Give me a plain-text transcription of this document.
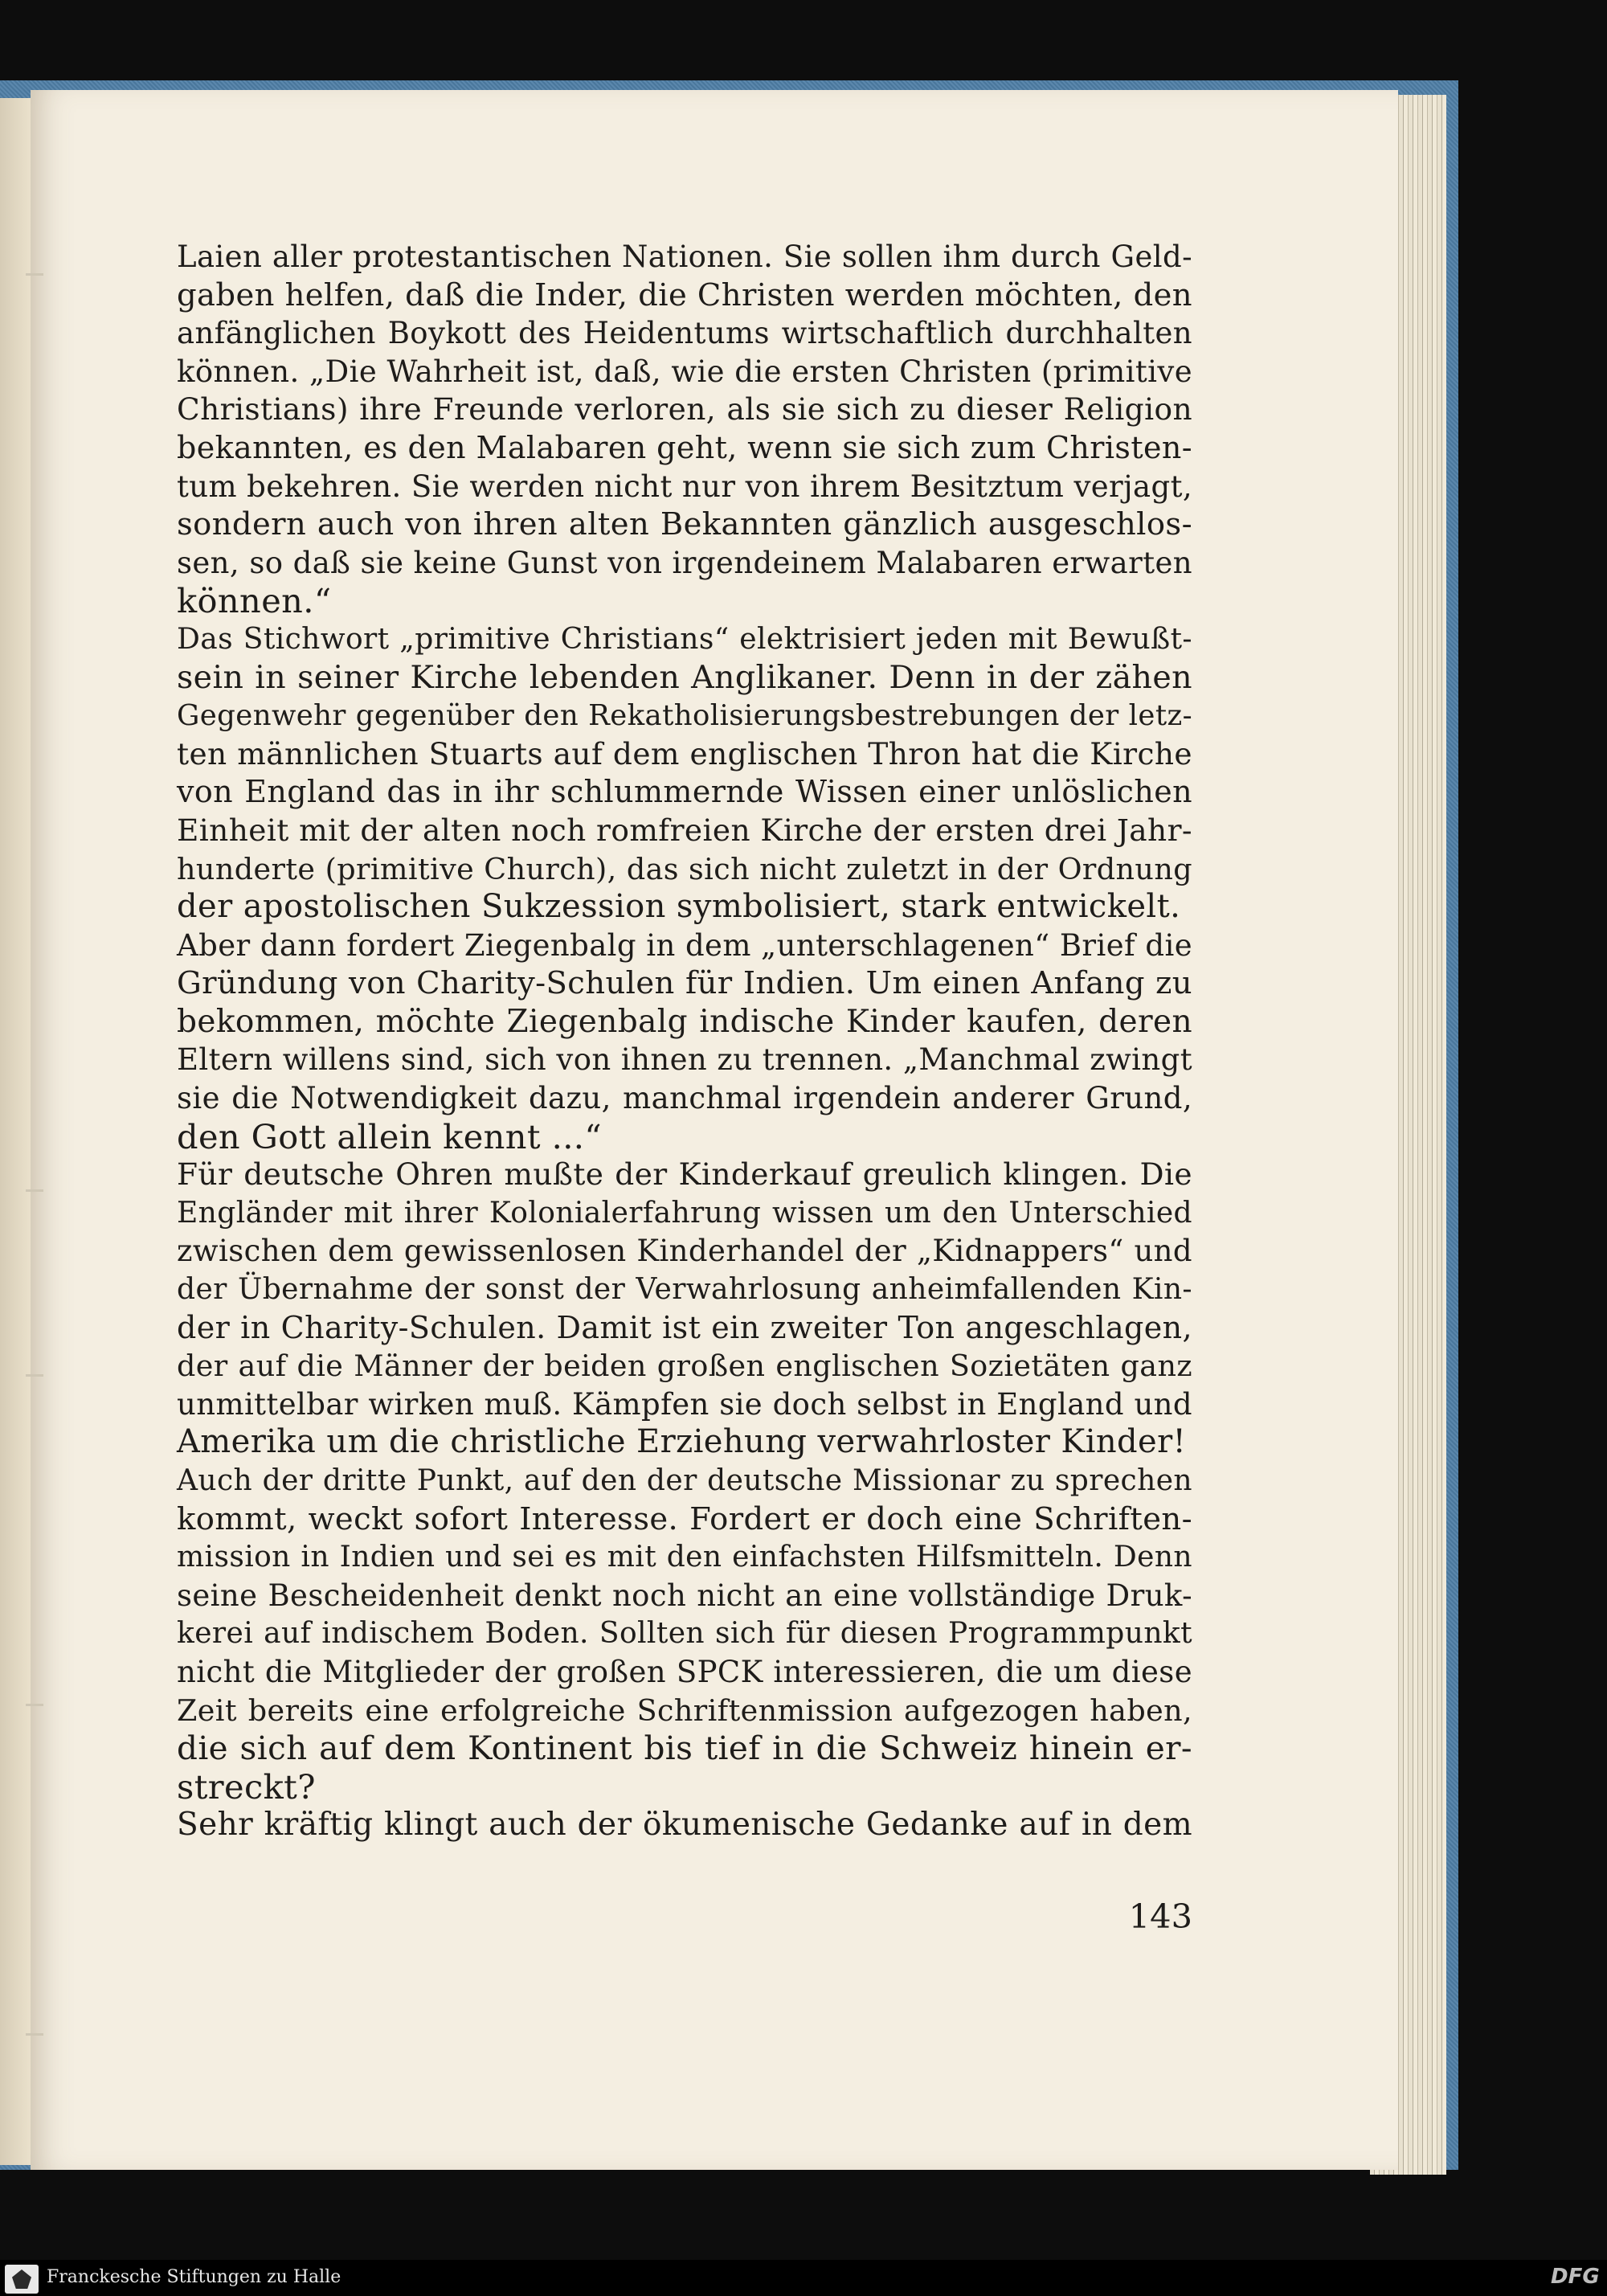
Laien aller protestantischen Nationen. Sie sollen ihm durch Geld-
gaben helfen, daß die Inder, die Christen werden möchten, den
anfänglichen Boykott des Heidentums wirtschaftlich durchhalten
können. „Die Wahrheit ist, daß, wie die ersten Christen (primitive
Christians) ihre Freunde verloren, als sie sich zu dieser Religion
bekannten, es den Malabaren geht, wenn sie sich zum Christen-
tum bekehren. Sie werden nicht nur von ihrem Besitztum verjagt,
sondern auch von ihren alten Bekannten gänzlich ausgeschlos-
sen, so daß sie keine Gunst von irgendeinem Malabaren erwarten
können.“
Das Stichwort „primitive Christians“ elektrisiert jeden mit Bewußt-
sein in seiner Kirche lebenden Anglikaner. Denn in der zähen
Gegenwehr gegenüber den Rekatholisierungsbestrebungen der letz-
ten männlichen Stuarts auf dem englischen Thron hat die Kirche
von England das in ihr schlummernde Wissen einer unlöslichen
Einheit mit der alten noch romfreien Kirche der ersten drei Jahr-
hunderte (primitive Church), das sich nicht zuletzt in der Ordnung
der apostolischen Sukzession symbolisiert, stark entwickelt.
Aber dann fordert Ziegenbalg in dem „unterschlagenen“ Brief die
Gründung von Charity-Schulen für Indien. Um einen Anfang zu
bekommen, möchte Ziegenbalg indische Kinder kaufen, deren
Eltern willens sind, sich von ihnen zu trennen. „Manchmal zwingt
sie die Notwendigkeit dazu, manchmal irgendein anderer Grund,
den Gott allein kennt ...“
Für deutsche Ohren mußte der Kinderkauf greulich klingen. Die
Engländer mit ihrer Kolonialerfahrung wissen um den Unterschied
zwischen dem gewissenlosen Kinderhandel der „Kidnappers“ und
der Übernahme der sonst der Verwahrlosung anheimfallenden Kin-
der in Charity-Schulen. Damit ist ein zweiter Ton angeschlagen,
der auf die Männer der beiden großen englischen Sozietäten ganz
unmittelbar wirken muß. Kämpfen sie doch selbst in England und
Amerika um die christliche Erziehung verwahrloster Kinder!
Auch der dritte Punkt, auf den der deutsche Missionar zu sprechen
kommt, weckt sofort Interesse. Fordert er doch eine Schriften-
mission in Indien und sei es mit den einfachsten Hilfsmitteln. Denn
seine Bescheidenheit denkt noch nicht an eine vollständige Druk-
kerei auf indischem Boden. Sollten sich für diesen Programmpunkt
nicht die Mitglieder der großen SPCK interessieren, die um diese
Zeit bereits eine erfolgreiche Schriftenmission aufgezogen haben,
die sich auf dem Kontinent bis tief in die Schweiz hinein er-
streckt?
Sehr kräftig klingt auch der ökumenische Gedanke auf in dem
143
Franckesche Stiftungen zu Halle	DFG
